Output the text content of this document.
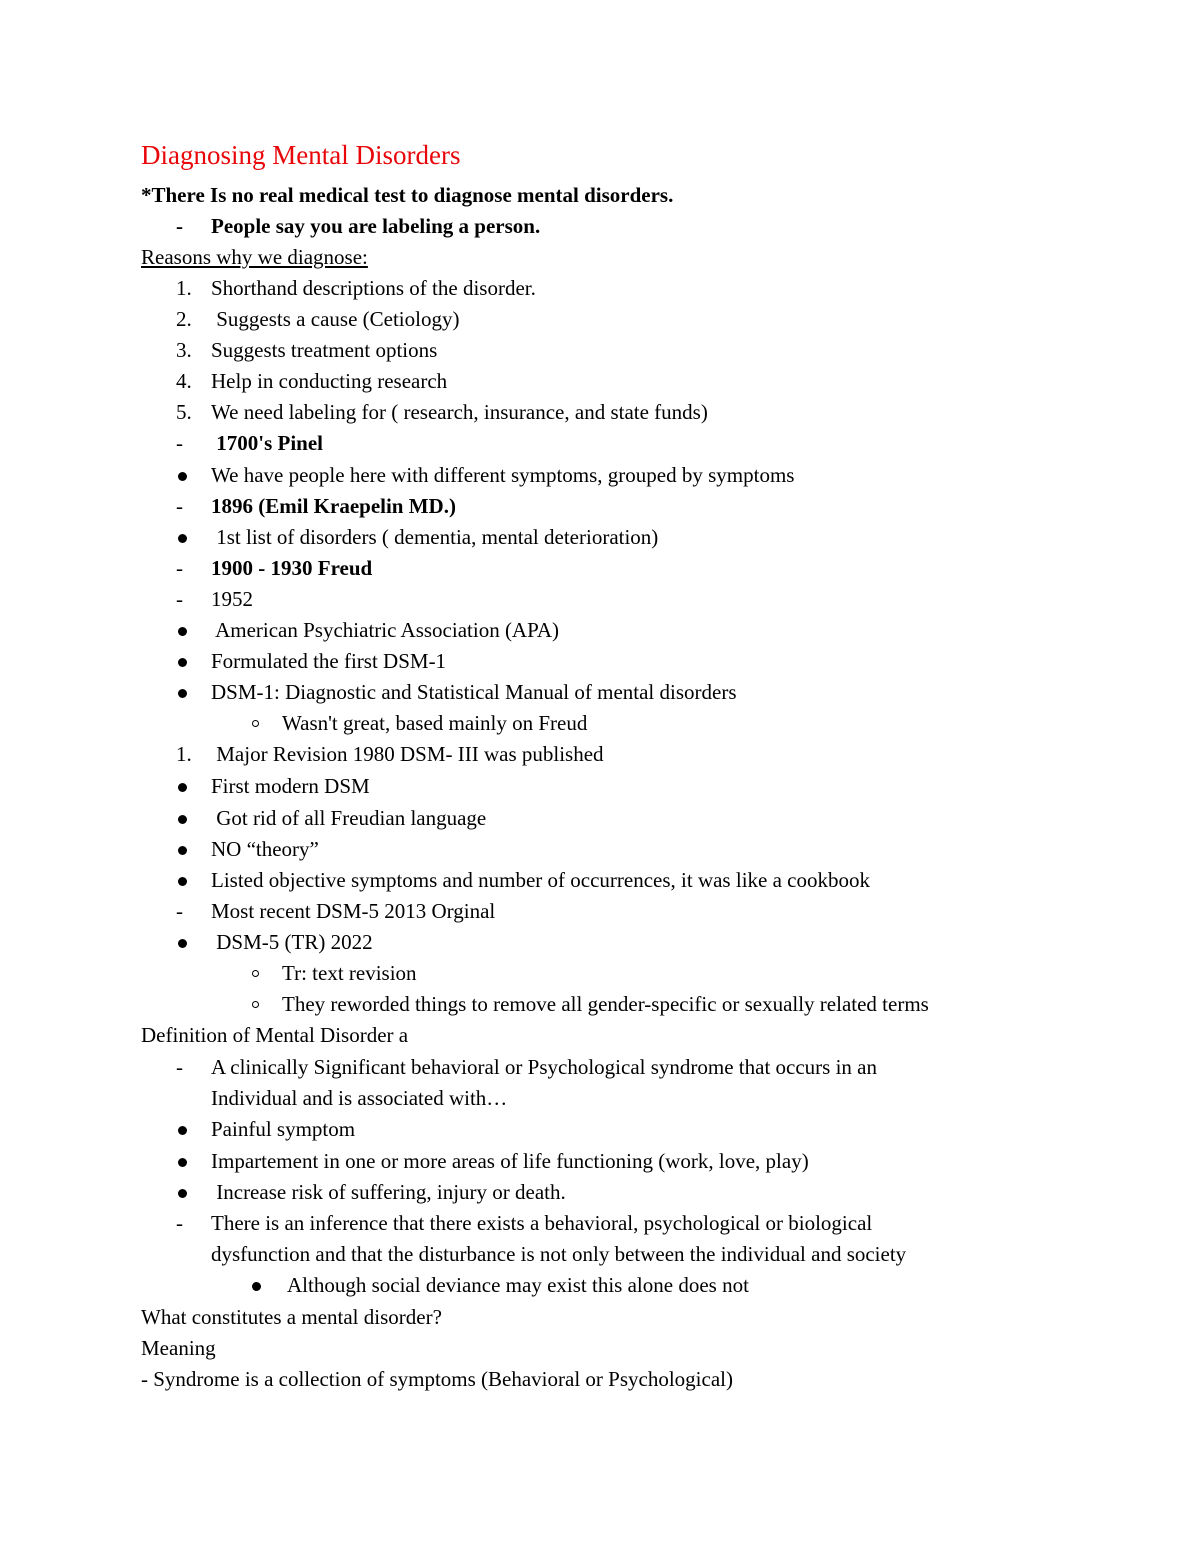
Diagnosing Mental Disorders
*There Is no real medical test to diagnose mental disorders.
- People say you are labeling a person.
Reasons why we diagnose:
1. Shorthand descriptions of the disorder.
2. Suggests a cause (Cetiology)
3. Suggests treatment options
4. Help in conducting research
5. We need labeling for ( research, insurance, and state funds)
- 1700's Pinel
We have people here with different symptoms, grouped by symptoms
- 1896 (Emil Kraepelin MD.)
1st list of disorders ( dementia, mental deterioration)
- 1900 - 1930 Freud
- 1952
American Psychiatric Association (APA)
Formulated the first DSM-1
DSM-1: Diagnostic and Statistical Manual of mental disorders
Wasn't great, based mainly on Freud
1. Major Revision 1980 DSM- III was published
First modern DSM
Got rid of all Freudian language
NO “theory”
Listed objective symptoms and number of occurrences, it was like a cookbook
- Most recent DSM-5 2013 Orginal
DSM-5 (TR) 2022
Tr: text revision
They reworded things to remove all gender-specific or sexually related terms
Definition of Mental Disorder a
- A clinically Significant behavioral or Psychological syndrome that occurs in an
Individual and is associated with…
Painful symptom
Impartement in one or more areas of life functioning (work, love, play)
Increase risk of suffering, injury or death.
- There is an inference that there exists a behavioral, psychological or biological
dysfunction and that the disturbance is not only between the individual and society
Although social deviance may exist this alone does not
What constitutes a mental disorder?
Meaning
- Syndrome is a collection of symptoms (Behavioral or Psychological)
